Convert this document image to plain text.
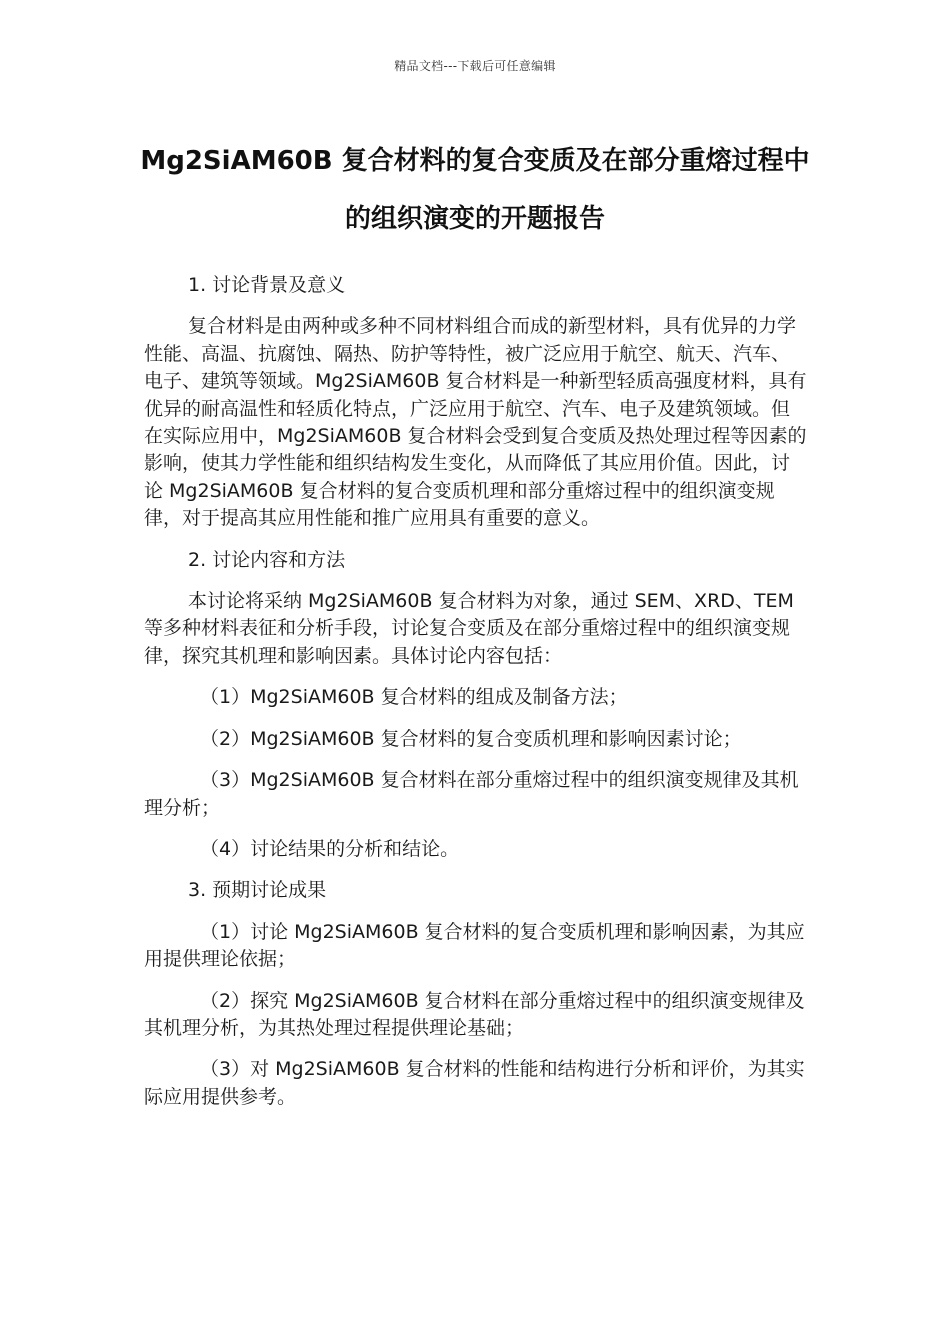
精品文档---下载后可任意编辑
Mg2SiAM60B 复合材料的复合变质及在部分重熔过程中的组织演变的开题报告
1. 讨论背景及意义
复合材料是由两种或多种不同材料组合而成的新型材料，具有优异的力学性能、高温、抗腐蚀、隔热、防护等特性，被广泛应用于航空、航天、汽车、电子、建筑等领域。Mg2SiAM60B 复合材料是一种新型轻质高强度材料，具有优异的耐高温性和轻质化特点，广泛应用于航空、汽车、电子及建筑领域。但在实际应用中，Mg2SiAM60B 复合材料会受到复合变质及热处理过程等因素的影响，使其力学性能和组织结构发生变化，从而降低了其应用价值。因此，讨论 Mg2SiAM60B 复合材料的复合变质机理和部分重熔过程中的组织演变规律，对于提高其应用性能和推广应用具有重要的意义。
2. 讨论内容和方法
本讨论将采纳 Mg2SiAM60B 复合材料为对象，通过 SEM、XRD、TEM 等多种材料表征和分析手段，讨论复合变质及在部分重熔过程中的组织演变规律，探究其机理和影响因素。具体讨论内容包括：
（1）Mg2SiAM60B 复合材料的组成及制备方法；
（2）Mg2SiAM60B 复合材料的复合变质机理和影响因素讨论；
（3）Mg2SiAM60B 复合材料在部分重熔过程中的组织演变规律及其机理分析；
（4）讨论结果的分析和结论。
3. 预期讨论成果
（1）讨论 Mg2SiAM60B 复合材料的复合变质机理和影响因素，为其应用提供理论依据；
（2）探究 Mg2SiAM60B 复合材料在部分重熔过程中的组织演变规律及其机理分析，为其热处理过程提供理论基础；
（3）对 Mg2SiAM60B 复合材料的性能和结构进行分析和评价，为其实际应用提供参考。
